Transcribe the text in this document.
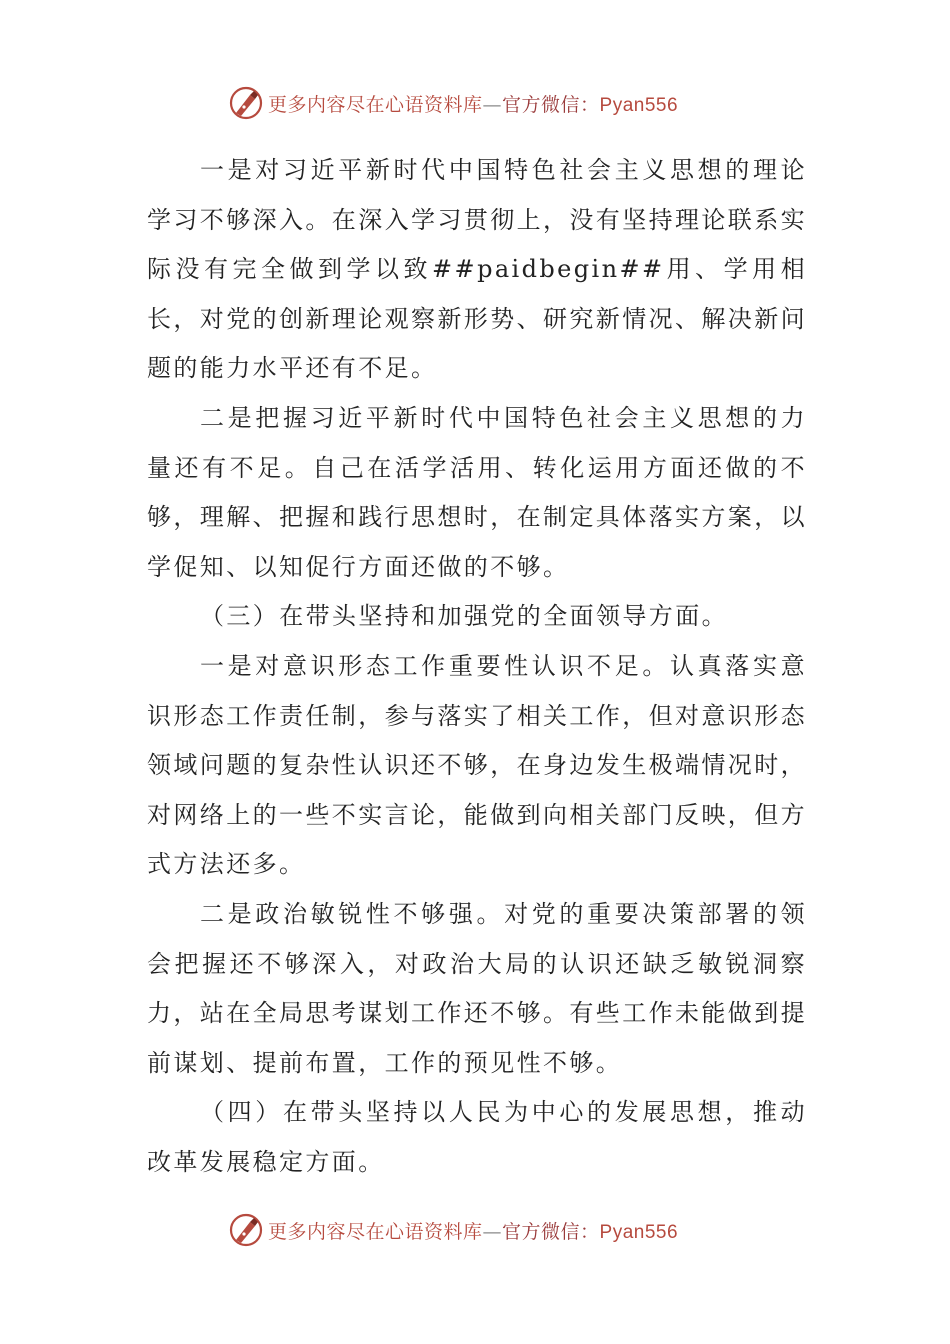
更多内容尽在心语资料库—官方微信：Pyan556

一是对习近平新时代中国特色社会主义思想的理论学习不够深入。在深入学习贯彻上，没有坚持理论联系实际没有完全做到学以致##paidbegin##用、学用相长，对党的创新理论观察新形势、研究新情况、解决新问题的能力水平还有不足。

二是把握习近平新时代中国特色社会主义思想的力量还有不足。自己在活学活用、转化运用方面还做的不够，理解、把握和践行思想时，在制定具体落实方案，以学促知、以知促行方面还做的不够。

（三）在带头坚持和加强党的全面领导方面。

一是对意识形态工作重要性认识不足。认真落实意识形态工作责任制，参与落实了相关工作，但对意识形态领域问题的复杂性认识还不够，在身边发生极端情况时，对网络上的一些不实言论，能做到向相关部门反映，但方式方法还多。

二是政治敏锐性不够强。对党的重要决策部署的领会把握还不够深入，对政治大局的认识还缺乏敏锐洞察力，站在全局思考谋划工作还不够。有些工作未能做到提前谋划、提前布置，工作的预见性不够。

（四）在带头坚持以人民为中心的发展思想，推动改革发展稳定方面。

更多内容尽在心语资料库—官方微信：Pyan556
